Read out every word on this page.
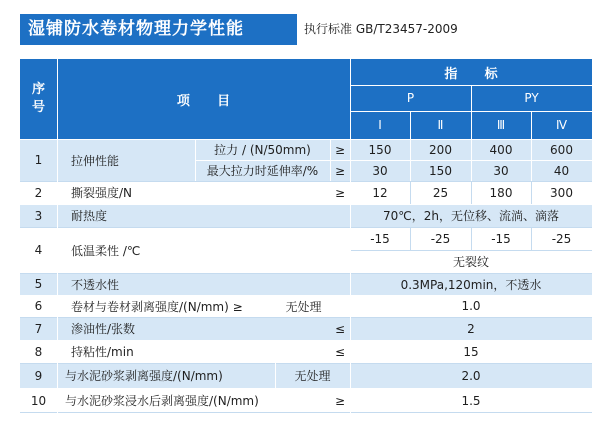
湿铺防水卷材物理力学性能	执行标准 GB/T23457-2009
序
号	项      目
指      标
P	PY
Ⅰ	Ⅱ	Ⅲ	Ⅳ
1	拉伸性能
拉力 / (N/50mm)	≥	150	200	400	600
最大拉力时延伸率/%	≥	30	150	30	40
2	撕裂强度/N	≥	12	25	180	300
3	耐热度	70℃，2h，无位移、流淌、滴落
4	低温柔性 /℃
-15	-25	-15	-25
无裂纹
5	不透水性	0.3MPa,120min，不透水
6	卷材与卷材剥离强度/(N/mm) ≥	无处理	1.0
7	渗油性/张数	≤	2
8	持粘性/min	≤	15
9	与水泥砂浆剥离强度/(N/mm)	无处理	2.0
10	与水泥砂浆浸水后剥离强度/(N/mm)	≥	1.5
